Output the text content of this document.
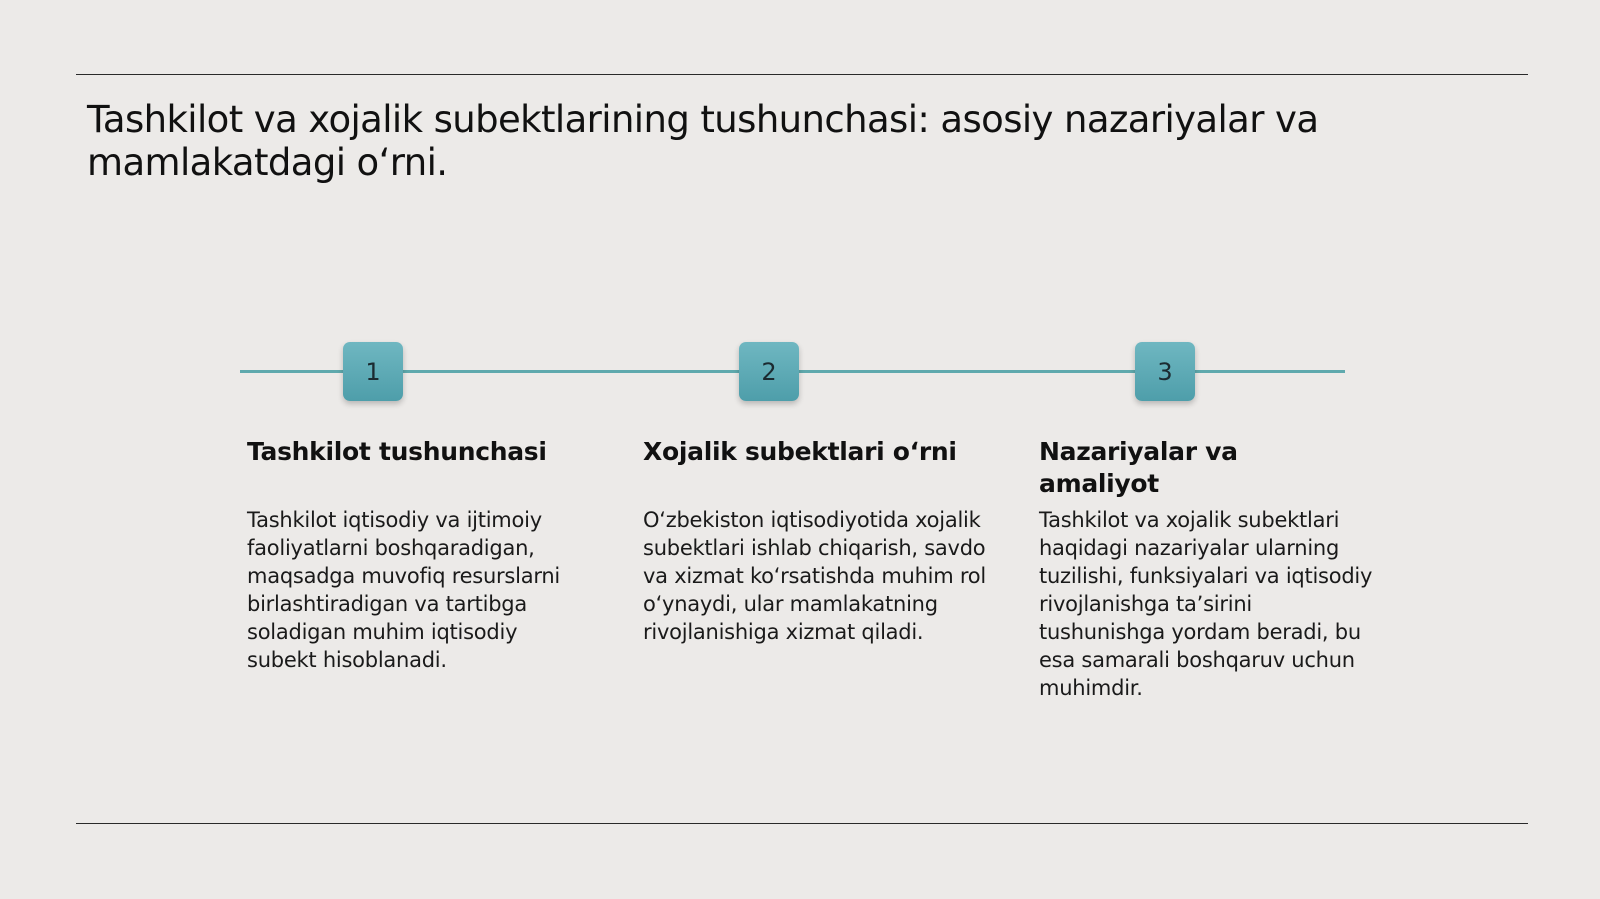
Tashkilot va xojalik subektlarining tushunchasi: asosiy nazariyalar va mamlakatdagi oʻrni.
1	2	3
Tashkilot tushunchasi

Tashkilot iqtisodiy va ijtimoiy faoliyatlarni boshqaradigan, maqsadga muvofiq resurslarni birlashtiradigan va tartibga soladigan muhim iqtisodiy subekt hisoblanadi.

Xojalik subektlari oʻrni

Oʻzbekiston iqtisodiyotida xojalik subektlari ishlab chiqarish, savdo va xizmat koʻrsatishda muhim rol oʻynaydi, ular mamlakatning rivojlanishiga xizmat qiladi.

Nazariyalar va amaliyot

Tashkilot va xojalik subektlari haqidagi nazariyalar ularning tuzilishi, funksiyalari va iqtisodiy rivojlanishga taʼsirini tushunishga yordam beradi, bu esa samarali boshqaruv uchun muhimdir.
